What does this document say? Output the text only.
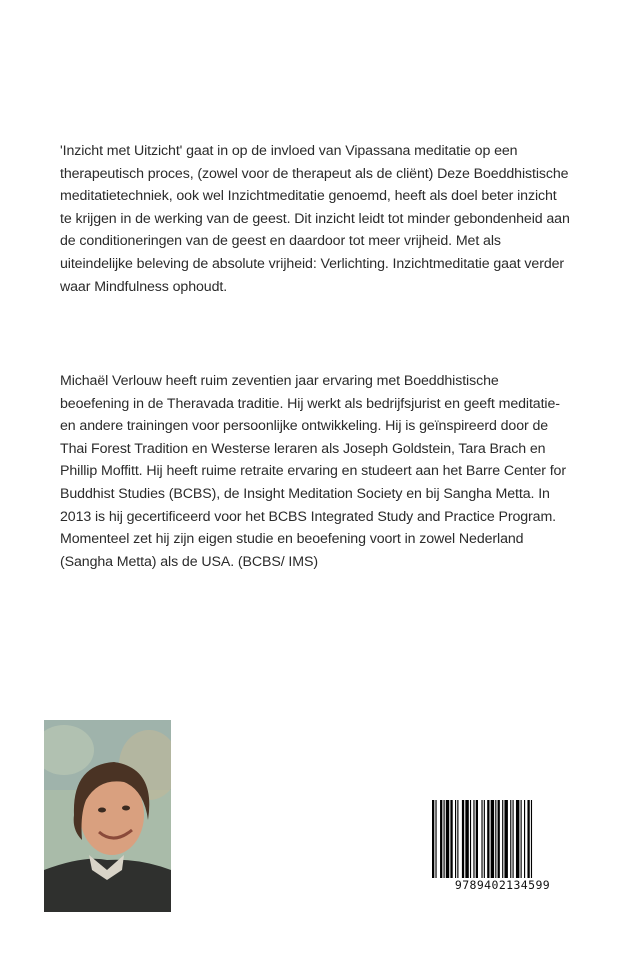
'Inzicht met Uitzicht' gaat in op de invloed van Vipassana meditatie op een therapeutisch proces, (zowel voor de therapeut als de cliënt) Deze Boeddhistische meditatietechniek, ook wel Inzichtmeditatie genoemd, heeft als doel beter inzicht te krijgen in de werking van de geest. Dit inzicht leidt tot minder gebondenheid aan de conditioneringen van de geest en daardoor tot meer vrijheid. Met als uiteindelijke beleving de absolute vrijheid: Verlichting. Inzichtmeditatie gaat verder waar Mindfulness ophoudt.

Michaël Verlouw heeft ruim zeventien jaar ervaring met Boeddhistische beoefening in de Theravada traditie. Hij werkt als bedrijfsjurist en geeft meditatie- en andere trainingen voor persoonlijke ontwikkeling. Hij is geïnspireerd door de Thai Forest Tradition en Westerse leraren als Joseph Goldstein, Tara Brach en Phillip Moffitt. Hij heeft ruime retraite ervaring en studeert aan het Barre Center for Buddhist Studies (BCBS), de Insight Meditation Society en bij Sangha Metta. In 2013 is hij gecertificeerd voor het BCBS Integrated Study and Practice Program. Momenteel zet hij zijn eigen studie en beoefening voort in zowel Nederland (Sangha Metta) als de USA. (BCBS/ IMS)

9789402134599
